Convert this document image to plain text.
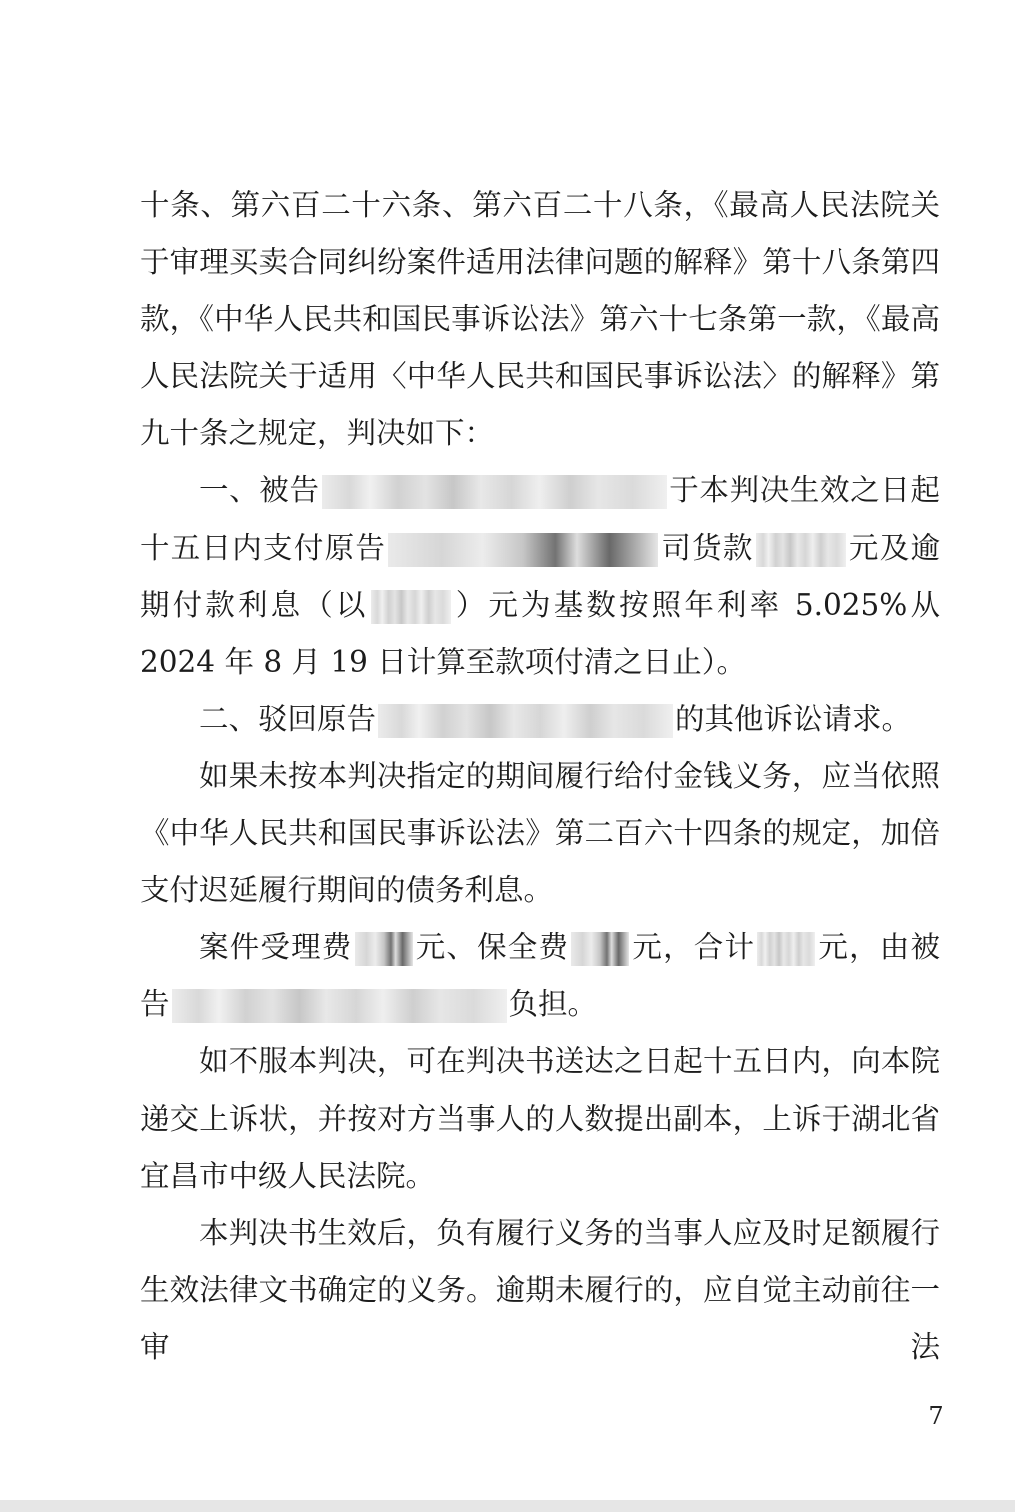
十条、第六百二十六条、第六百二十八条，《最高人民法院关于审理买卖合同纠纷案件适用法律问题的解释》第十八条第四款，《中华人民共和国民事诉讼法》第六十七条第一款，《最高人民法院关于适用〈中华人民共和国民事诉讼法〉的解释》第九十条之规定，判决如下：

一、被告	于本判决生效之日起十五日内支付原告	司货款	元及逾期付款利息（以	）元为基数按照年利率 5.025%从 2024 年 8 月 19 日计算至款项付清之日止）。

二、驳回原告	的其他诉讼请求。

如果未按本判决指定的期间履行给付金钱义务，应当依照《中华人民共和国民事诉讼法》第二百六十四条的规定，加倍支付迟延履行期间的债务利息。

案件受理费 元、保全费 元，合计 元，由被告	负担。

如不服本判决，可在判决书送达之日起十五日内，向本院递交上诉状，并按对方当事人的人数提出副本，上诉于湖北省宜昌市中级人民法院。

本判决书生效后，负有履行义务的当事人应及时足额履行生效法律文书确定的义务。逾期未履行的，应自觉主动前往一审法

7
